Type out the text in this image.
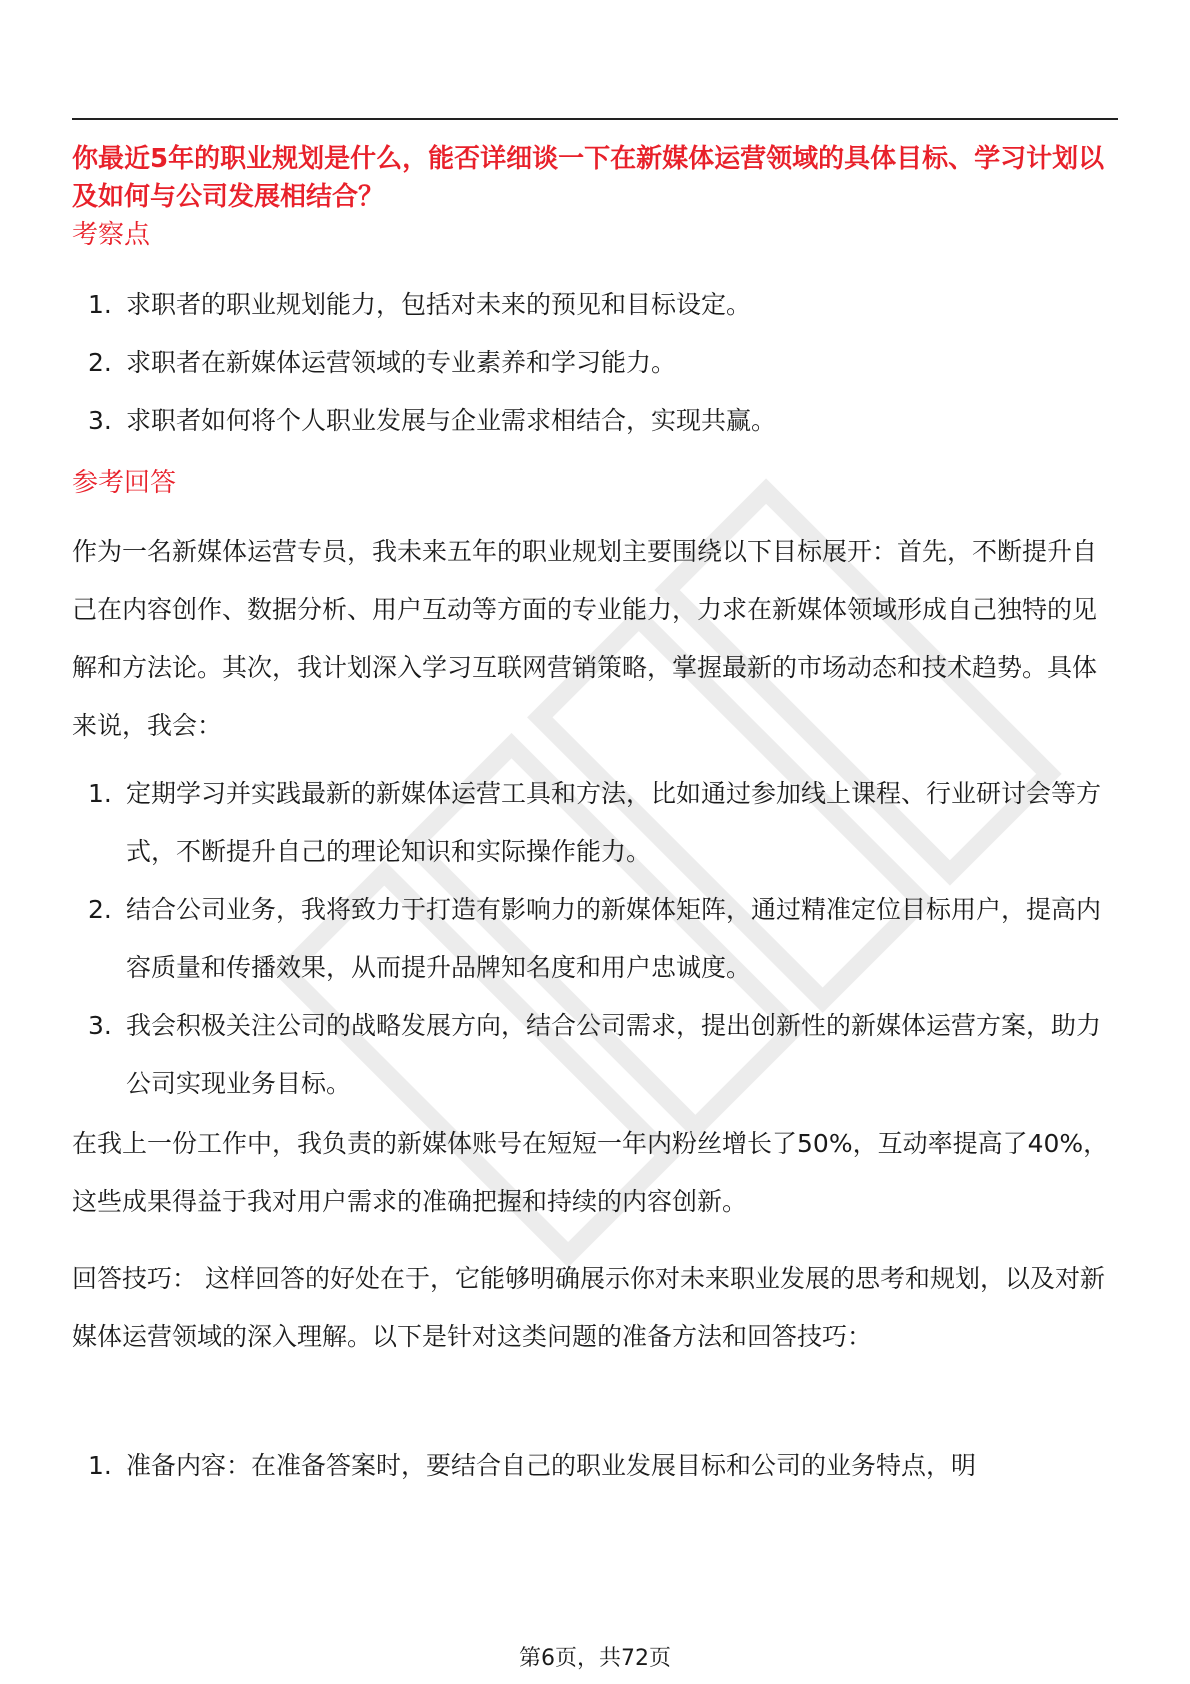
你最近5年的职业规划是什么，能否详细谈一下在新媒体运营领域的具体目标、学习计划以及如何与公司发展相结合？
考察点
1. 求职者的职业规划能力，包括对未来的预见和目标设定。
2. 求职者在新媒体运营领域的专业素养和学习能力。
3. 求职者如何将个人职业发展与企业需求相结合，实现共赢。
参考回答

作为一名新媒体运营专员，我未来五年的职业规划主要围绕以下目标展开：首先，不断提升自己在内容创作、数据分析、用户互动等方面的专业能力，力求在新媒体领域形成自己独特的见解和方法论。其次，我计划深入学习互联网营销策略，掌握最新的市场动态和技术趋势。具体来说，我会：

1. 定期学习并实践最新的新媒体运营工具和方法，比如通过参加线上课程、行业研讨会等方式，不断提升自己的理论知识和实际操作能力。
2. 结合公司业务，我将致力于打造有影响力的新媒体矩阵，通过精准定位目标用户，提高内容质量和传播效果，从而提升品牌知名度和用户忠诚度。
3. 我会积极关注公司的战略发展方向，结合公司需求，提出创新性的新媒体运营方案，助力公司实现业务目标。

在我上一份工作中，我负责的新媒体账号在短短一年内粉丝增长了50%，互动率提高了40%，这些成果得益于我对用户需求的准确把握和持续的内容创新。

回答技巧： 这样回答的好处在于，它能够明确展示你对未来职业发展的思考和规划，以及对新媒体运营领域的深入理解。以下是针对这类问题的准备方法和回答技巧：

1. 准备内容：在准备答案时，要结合自己的职业发展目标和公司的业务特点，明
第6页，共72页
